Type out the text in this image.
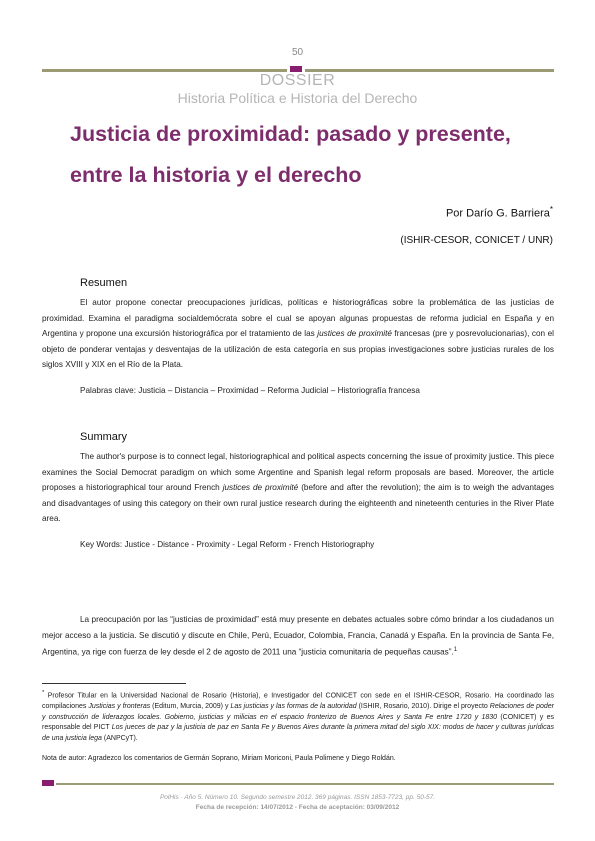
50
DOSSIER
Historia Política e Historia del Derecho
Justicia de proximidad: pasado y presente,
entre la historia y el derecho
Por Darío G. Barriera*
(ISHIR-CESOR, CONICET / UNR)
Resumen

El autor propone conectar preocupaciones jurídicas, políticas e historiográficas sobre la problemática de las justicias de proximidad. Examina el paradigma socialdemócrata sobre el cual se apoyan algunas propuestas de reforma judicial en España y en Argentina y propone una excursión historiográfica por el tratamiento de las justices de proximité francesas (pre y posrevolucionarias), con el objeto de ponderar ventajas y desventajas de la utilización de esta categoría en sus propias investigaciones sobre justicias rurales de los siglos XVIII y XIX en el Río de la Plata.

Palabras clave: Justicia – Distancia – Proximidad – Reforma Judicial – Historiografía francesa
Summary

The author's purpose is to connect legal, historiographical and political aspects concerning the issue of proximity justice. This piece examines the Social Democrat paradigm on which some Argentine and Spanish legal reform proposals are based. Moreover, the article proposes a historiographical tour around French justices de proximité (before and after the revolution); the aim is to weigh the advantages and disadvantages of using this category on their own rural justice research during the eighteenth and nineteenth centuries in the River Plate area.

Key Words: Justice - Distance - Proximity - Legal Reform - French Historiography

La preocupación por las “justicias de proximidad” está muy presente en debates actuales sobre cómo brindar a los ciudadanos un mejor acceso a la justicia. Se discutió y discute en Chile, Perú, Ecuador, Colombia, Francia, Canadá y España. En la provincia de Santa Fe, Argentina, ya rige con fuerza de ley desde el 2 de agosto de 2011 una “justicia comunitaria de pequeñas causas”.$^1$

* Profesor Titular en la Universidad Nacional de Rosario (Historia), e Investigador del CONICET con sede en el ISHIR-CESOR, Rosario. Ha coordinado las compilaciones Justicias y fronteras (Editum, Murcia, 2009) y Las justicias y las formas de la autoridad (ISHIR, Rosario, 2010). Dirige el proyecto Relaciones de poder y construcción de liderazgos locales. Gobierno, justicias y milicias en el espacio fronterizo de Buenos Aires y Santa Fe entre 1720 y 1830 (CONICET) y es responsable del PICT Los jueces de paz y la justicia de paz en Santa Fe y Buenos Aires durante la primera mitad del siglo XIX: modos de hacer y culturas jurídicas de una justicia lega (ANPCyT).

Nota de autor: Agradezco los comentarios de Germán Soprano, Miriam Moriconi, Paula Polimene y Diego Roldán.
PolHis · Año 5. Número 10. Segundo semestre 2012. 369 páginas. ISSN 1853-7723, pp. 50-57.
Fecha de recepción: 14/07/2012 - Fecha de aceptación: 03/09/2012
